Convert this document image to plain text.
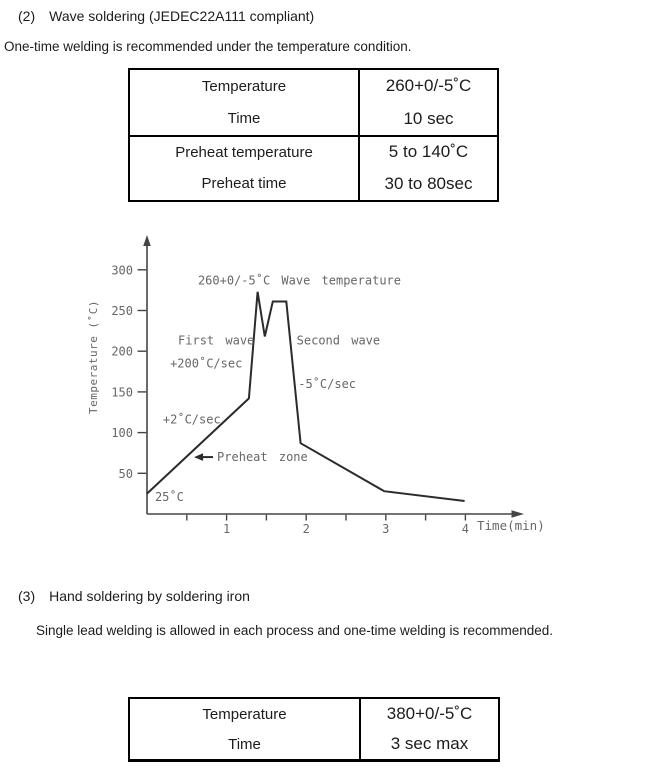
(2) Wave soldering (JEDEC22A111 compliant)
One-time welding is recommended under the temperature condition.
Temperature	260+0/-5˚C
Time	10 sec
Preheat temperature	5 to 140˚C
Preheat time	30 to 80sec
50
100
150
200
250
300
1	2	3	4 Time(min)
Temperature (˚C)
260+0/-5˚C Wave temperature
First wave
+200˚C/sec
Second wave
-5˚C/sec
+2˚C/sec
Preheat zone
25˚C
(3) Hand soldering by soldering iron
Single lead welding is allowed in each process and one-time welding is recommended.
Temperature	380+0/-5˚C
Time	3 sec max
